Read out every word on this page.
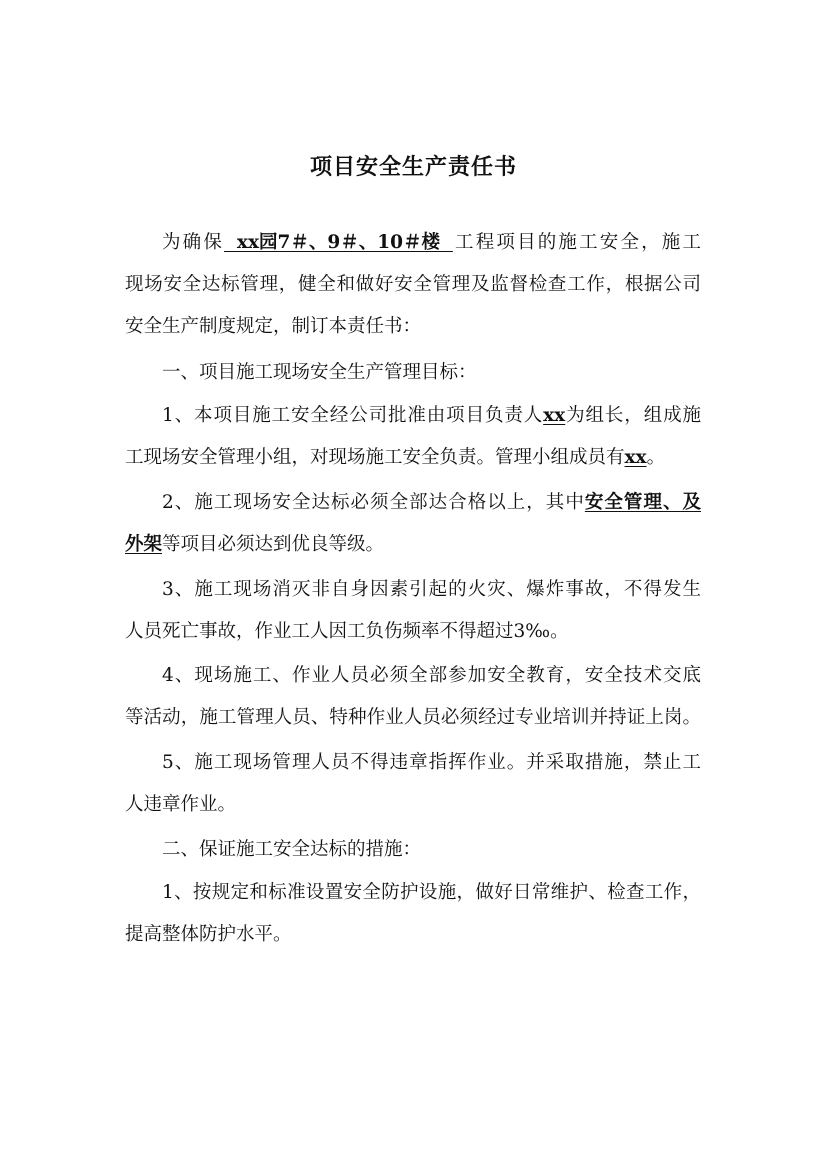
项目安全生产责任书
为确保  xx园7＃、9＃、10＃楼  工程项目的施工安全，施工
现场安全达标管理，健全和做好安全管理及监督检查工作，根据公司
安全生产制度规定，制订本责任书：
一、项目施工现场安全生产管理目标：
1、本项目施工安全经公司批准由项目负责人xx为组长，组成施
工现场安全管理小组，对现场施工安全负责。管理小组成员有xx。
2、施工现场安全达标必须全部达合格以上，其中安全管理、及
外架等项目必须达到优良等级。
3、施工现场消灭非自身因素引起的火灾、爆炸事故，不得发生
人员死亡事故，作业工人因工负伤频率不得超过3‰。
4、现场施工、作业人员必须全部参加安全教育，安全技术交底
等活动，施工管理人员、特种作业人员必须经过专业培训并持证上岗。
5、施工现场管理人员不得违章指挥作业。并采取措施，禁止工
人违章作业。
二、保证施工安全达标的措施：
1、按规定和标准设置安全防护设施，做好日常维护、检查工作，
提高整体防护水平。
